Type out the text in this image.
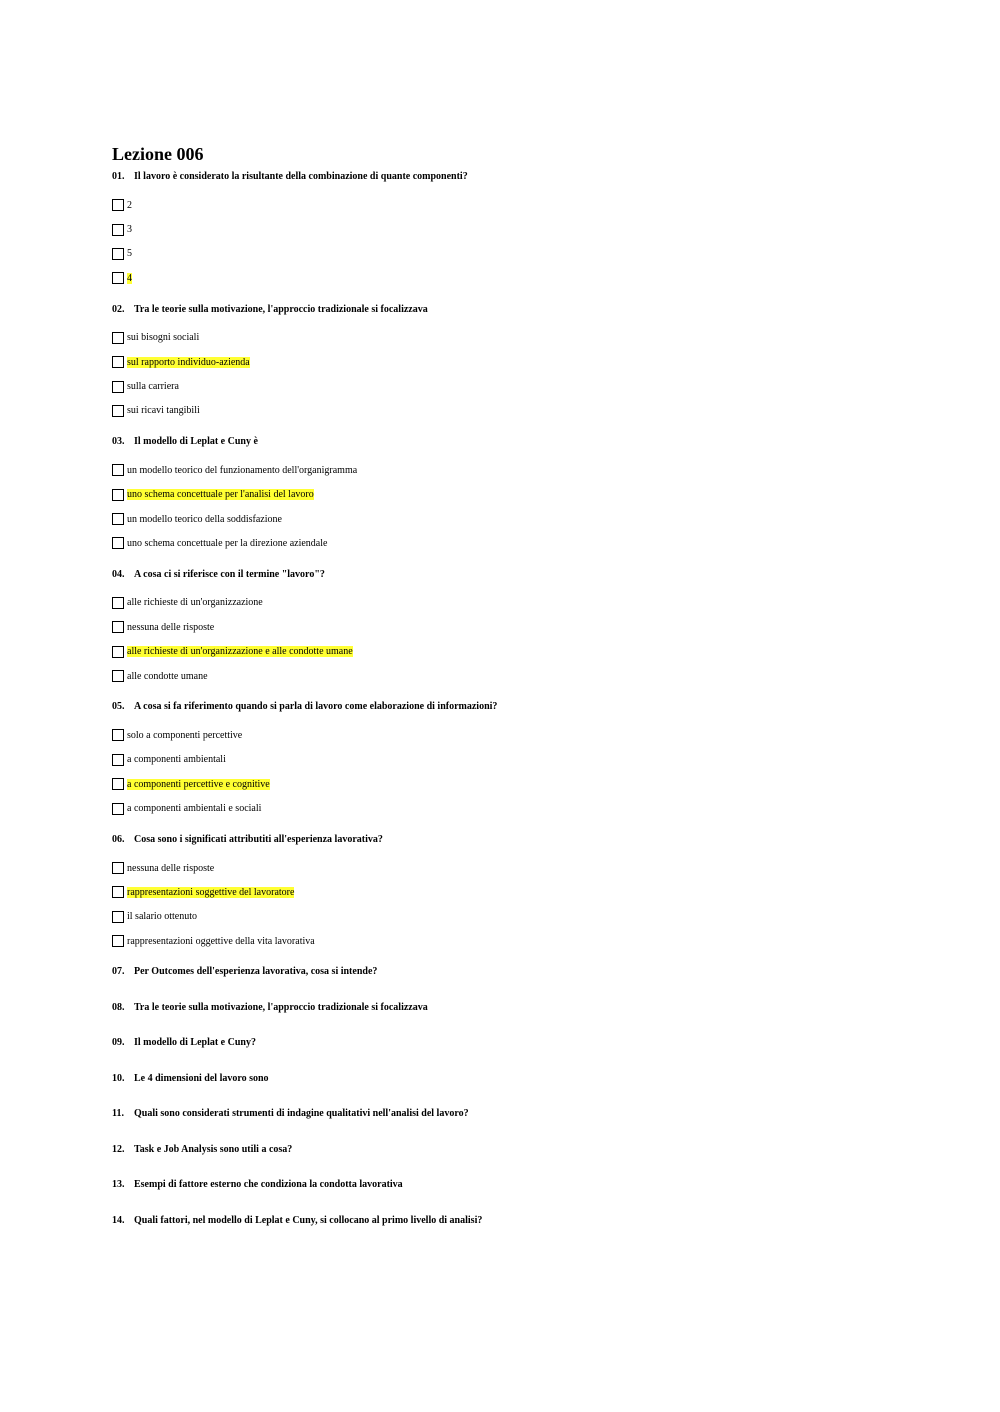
Lezione 006
01. Il lavoro è considerato la risultante della combinazione di quante componenti?
2
3
5
4
02. Tra le teorie sulla motivazione, l'approccio tradizionale si focalizzava
sui bisogni sociali
sul rapporto individuo-azienda
sulla carriera
sui ricavi tangibili
03. Il modello di Leplat e Cuny è
un modello teorico del funzionamento dell'organigramma
uno schema concettuale per l'analisi del lavoro
un modello teorico della soddisfazione
uno schema concettuale per la direzione aziendale
04. A cosa ci si riferisce con il termine "lavoro"?
alle richieste di un'organizzazione
nessuna delle risposte
alle richieste di un'organizzazione e alle condotte umane
alle condotte umane
05. A cosa si fa riferimento quando si parla di lavoro come elaborazione di informazioni?
solo a componenti percettive
a componenti ambientali
a componenti percettive e cognitive
a componenti ambientali e sociali
06. Cosa sono i significati attributiti all'esperienza lavorativa?
nessuna delle risposte
rappresentazioni soggettive del lavoratore
il salario ottenuto
rappresentazioni oggettive della vita lavorativa
07. Per Outcomes dell'esperienza lavorativa, cosa si intende?
08. Tra le teorie sulla motivazione, l'approccio tradizionale si focalizzava
09. Il modello di Leplat e Cuny?
10. Le 4 dimensioni del lavoro sono
11.	Quali sono considerati strumenti di indagine qualitativi nell'analisi del lavoro?
12. Task e Job Analysis sono utili a cosa?
13. Esempi di fattore esterno che condiziona la condotta lavorativa
14. Quali fattori, nel modello di Leplat e Cuny, si collocano al primo livello di analisi?
